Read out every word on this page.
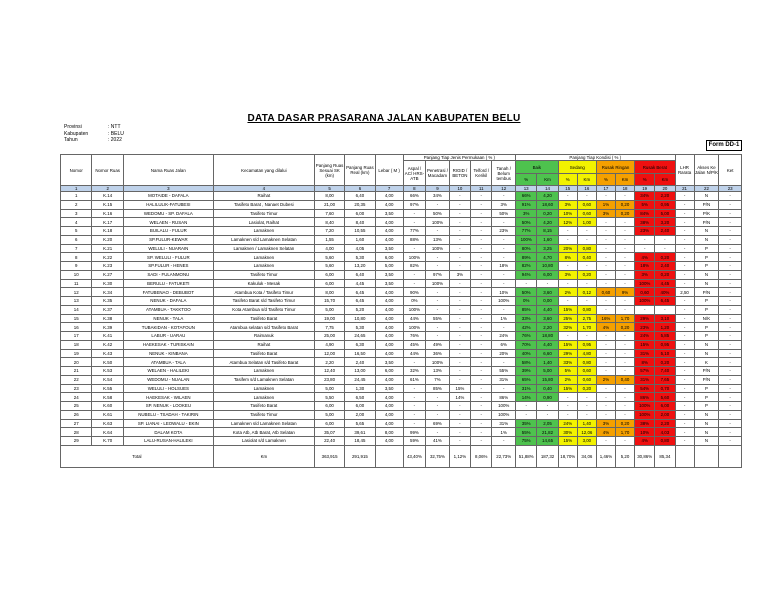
DATA DASAR PRASARANA JALAN KABUPATEN BELU
Provinsi	: NTT
Kabupaten	: BELU
Tahun	: 2022
Form DD-1
Nomor	Nomor Ruas	Nama Ruas Jalan	Kecamatan yang dilalui	Panjang Ruas Sesuai SK (km)	Panjang Ruas Real (km)	Lebar ( M )	Panjang Tiap Jenis Permukaan ( % )					Panjang Tiap Kondisi ( % )								LHR Rarata	Akses Ke Jalan N/P/K	Ket
							Aspal / AC/ HRS-ATB	Penetrasi / Macadam	RIGID / BETON	Telford / Kerikil	Tanah / Belum tembus	Baik		Sedang		Rusak Ringan		Rusak Berat				
												%	Km	%	Km	%	Km	%	Km			
1	2	3	4	5	6	7	8	9	10	11	12	13	14	15	16	17	18	19	20	21	22	23
1	K.14	MOTAIDE - DAFALA	Raihat	8,00	6,40	4,00	66%	34%	-	-	-	66%	4,20	-	-	-	-	34%	2,20	-	N	-
2	K.15	HALILULIK-FATUBESI	Tasifeto Barat , Nanaet Dubesi	21,00	20,35	4,00	97%	-	-	-	3%	91%	18,60	3%	0,60	1%	0,20	5%	0,95	-	P/N	-
3	K.16	WEDOMU - SP. DAFALA	Tasifeto Timur	7,60	6,00	3,50	-	50%	-	-	50%	3%	0,20	10%	0,60	3%	0,20	84%	5,00	-	P/K	-
4	K.17	WELAEN - RUSAN	Lasiolat, Raihat	8,40	8,40	4,00	-	100%	-	-	-	50%	4,20	12%	1,00	-	-	38%	3,20	-	P/N	-
5	K.18	BUILALU - FULUR	Lamaknen	7,20	10,55	4,00	77%	-	-	-	23%	77%	8,15	-	-	-	-	23%	2,40	-	N	-
6	K.20	SP.FULUR-KEWAR	Lamaknen s/d Lamaknen Selatan	1,55	1,60	4,00	88%	13%	-	-	-	100%	1,60	-	-	-	-	-	-	-	N	-
7	K.21	WELULI - NUARAIN	Lamaknen / Lamaknen Selatan	4,00	4,05	3,50	-	100%	-	-	-	80%	3,25	20%	0,80	-	-	-	-	-	P	-
8	K.22	SP. WELULI - FULUR	Lamaknen	5,60	5,30	6,00	100%	-	-	-	-	89%	4,70	8%	0,40	-	-	4%	0,20	-	P	-
9	K.23	SP.FULUR - HENES	Lamaknen	5,60	13,20	5,00	82%	-	-	-	18%	82%	10,80	-	-	-	-	18%	2,40	-	P	-
10	K.27	SADI - FULANMONU	Tasifeto Timur	6,00	6,40	3,50	-	97%	3%	-	-	94%	6,00	3%	0,20	-	-	3%	0,20	-	N	-
11	K.30	BERULU - FATUKETI	Kakuluk - Mesak	6,00	4,45	3,50	-	100%	-	-	-	-	-	-	-	-	-	100%	4,45	-	N	-
12	K.34	FATUBENAO - DEBUBOT	Atambua Kota / Tasifeto Timur	8,00	6,45	4,00	90%	-	-	-	10%	50%	3,60	2%	0,12	0,60	9%	0,60	40%	2,50	P/N	-
13	K.35	NENUK - DAFALA	Tasifeto Barat s/d Tasifeto Timur	15,70	6,45	4,00	0%	-	-	-	100%	0%	0,00	-	-	-	-	100%	6,45	-	P	-
14	K.37	ATAMBUA - TAKKTOO	Kota Atambua s/d Tasifeto Timur	5,00	5,20	4,00	100%	-	-	-	-	85%	4,40	15%	0,80	-	-	-	-	-	P	-
15	K.38	NENUK - TALA	Tasifeto Barat	19,00	10,80	4,00	44%	55%	-	-	1%	33%	3,60	25%	2,75	16%	1,70	29%	3,10	-	N/K	-
16	K.39	TUBAKIDAN - KOTAFOUN	Atambua selatan s/d Tasifeto Barat	7,75	5,30	4,00	100%	-	-	-	-	42%	2,20	32%	1,70	4%	0,20	23%	1,20	-	P	-
17	K.41	LABUR - UARAU	Raimanuk	25,00	24,65	4,00	76%	-	-	-	24%	76%	18,80	-	-	-	-	24%	5,85	-	P	-
18	K.42	HAEKESAK - TURISKAIN	Raihat	4,90	6,30	4,00	45%	49%	-	-	6%	70%	4,40	15%	0,95	-	-	15%	0,95	-	N	-
19	K.43	NENUK - KINBANA	Tasifeto Barat	12,00	16,50	4,00	44%	36%	-	-	20%	40%	6,60	29%	4,80	-	-	31%	5,10	-	N	-
20	K.50	ATAMBUA - TALA	Atambua Selatan s/d Tasifeto Barat	2,20	2,40	3,50	-	100%	-	-	-	58%	1,40	33%	0,80	-	-	8%	0,20	-	K	-
21	K.53	WELAEN - HALILEKI	Lamaknen	12,40	13,00	6,00	32%	13%	-	-	55%	39%	5,00	5%	0,60	-	-	57%	7,40	-	P/N	-
22	K.54	WEDOMU - NUALAN	Tasifem s/d Lamaknen Selatan	23,80	24,45	4,00	61%	7%	-	-	31%	65%	15,80	2%	0,60	2%	0,40	31%	7,65	-	P/N	-
23	K.55	WELULI - HOLSUES	Lamaknen	5,00	1,30	3,50	-	85%	15%	-	-	31%	0,40	15%	0,20	-	-	54%	0,70	-	P	-
24	K.58	HAEKESAK - WILAEN	Lamaknen	5,50	6,50	4,00	-	-	14%	-	86%	14%	0,90	-	-	-	-	86%	5,60	-	P	-
25	K.60	SP. NENUK - LOOKEU	Tasifeto Barat	6,00	6,00	4,00	-	-	-	-	100%	-	-	-	-	-	-	100%	6,00	-	P	-
26	K.61	NUBELU - TSADAH - TAKIRIN	Tasifeto Timur	5,00	2,00	4,00	-	-	-	-	100%	-	-	-	-	-	-	100%	2,00	-	N	-
27	K.63	SP. LIANAI - LEOWALU - EKIN	Lamaknen s/d Lamaknen Selatan	6,00	5,65	4,00	-	69%	-	-	31%	35%	2,05	24%	1,40	3%	0,20	38%	2,20	-	N	-
28	K.64	DALAM KOTA	Kota Atb, Atb Barat, Atb Selatan	35,07	39,61	8,00	99%	-	-	-	1%	55%	21,82	30%	12,06	4%	1,70	10%	4,03	-	N	-
29	K.70	LALU-RUSAN-HALILEKI	Lasiolat s/d Lamaknen	22,40	18,45	4,00	59%	41%	-	-	-	75%	14,65	15%	3,00	-	-	4%	0,80	-	N	-
Total			Km	363,915	291,915		43,40%	32,75%	1,12%	8,06%	22,73%	51,88%	187,32	18,70%	34,06	1,46%	5,20	30,86%	85,34			
